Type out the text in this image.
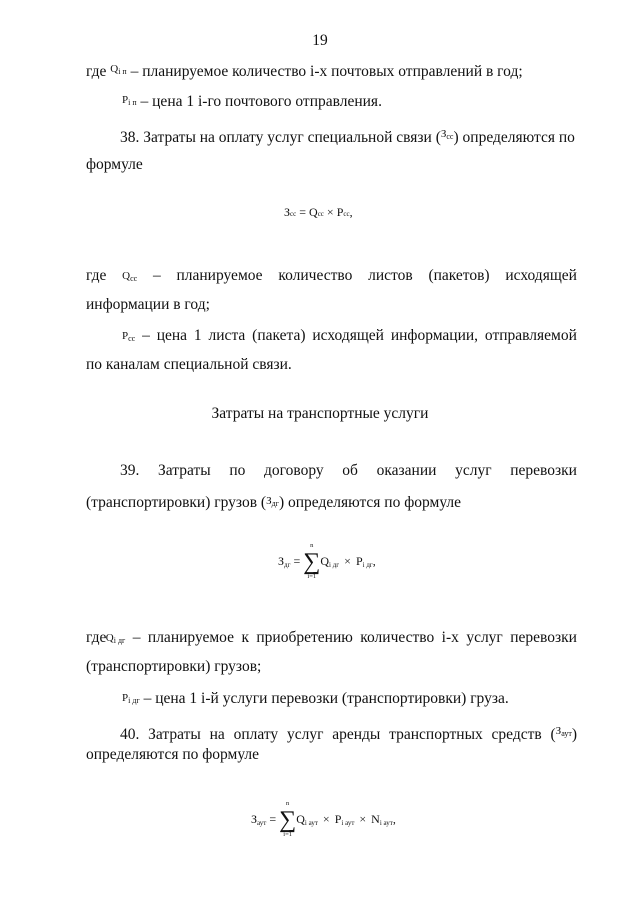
19
где $^{Q_{i п}}$ – планируемое количество i-х почтовых отправлений в год;
$P_{i п}$ – цена 1 i-го почтового отправления.
38. Затраты на оплату услуг специальной связи ($^{З_{сс}}$) определяются по
формуле
Зсс = Qсс × Pсс,
где $Q_{сс}$ – планируемое количество листов (пакетов) исходящей
информации в год;
$P_{сс}$ – цена 1 листа (пакета) исходящей информации, отправляемой
по каналам специальной связи.
Затраты на транспортные услуги
39. Затраты по договору об оказании услуг перевозки
(транспортировки) грузов $(З_{дг})$ определяются по формуле
З дг =
n
∑
i=1
Q i дг × P i дг ,
где $Q_{i дг}$ – планируемое к приобретению количество i-х услуг перевозки
(транспортировки) грузов;
$P_{i дг}$ – цена 1 i-й услуги перевозки (транспортировки) груза.
40. Затраты на оплату услуг аренды транспортных средств ($^{З_{аут}}$)
определяются по формуле
З аут =
n
∑
i=1
Q i аут × P i аут × N i аут ,
